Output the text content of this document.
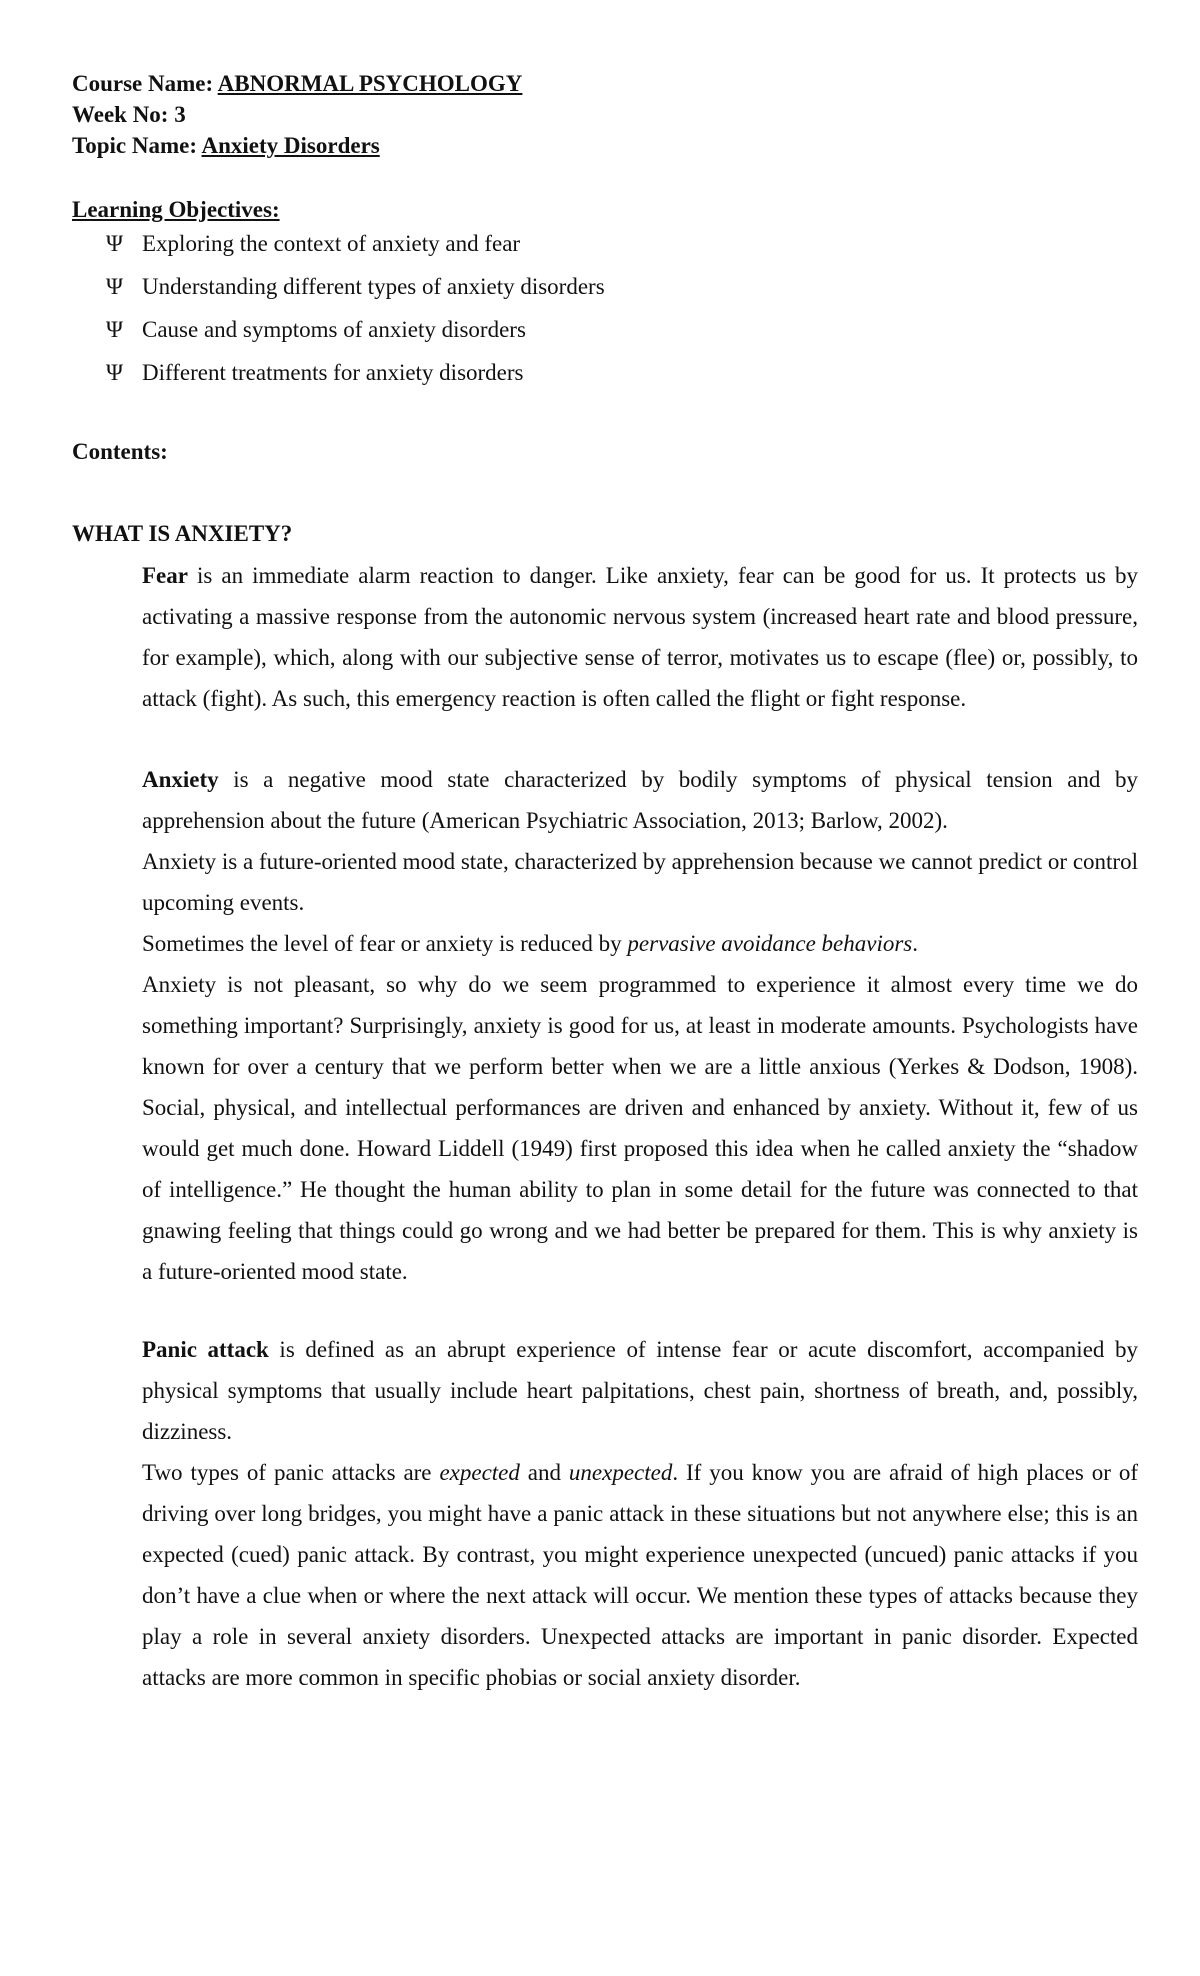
Course Name: ABNORMAL PSYCHOLOGY
Week No: 3
Topic Name: Anxiety Disorders
Learning Objectives:
Ψ Exploring the context of anxiety and fear
Ψ Understanding different types of anxiety disorders
Ψ Cause and symptoms of anxiety disorders
Ψ Different treatments for anxiety disorders
Contents:
WHAT IS ANXIETY?

Fear is an immediate alarm reaction to danger. Like anxiety, fear can be good for us. It protects us by activating a massive response from the autonomic nervous system (increased heart rate and blood pressure, for example), which, along with our subjective sense of terror, motivates us to escape (flee) or, possibly, to attack (fight). As such, this emergency reaction is often called the flight or fight response.

Anxiety is a negative mood state characterized by bodily symptoms of physical tension and by apprehension about the future (American Psychiatric Association, 2013; Barlow, 2002).

Anxiety is a future-oriented mood state, characterized by apprehension because we cannot predict or control upcoming events.

Sometimes the level of fear or anxiety is reduced by pervasive avoidance behaviors.

Anxiety is not pleasant, so why do we seem programmed to experience it almost every time we do something important? Surprisingly, anxiety is good for us, at least in moderate amounts. Psychologists have known for over a century that we perform better when we are a little anxious (Yerkes & Dodson, 1908). Social, physical, and intellectual performances are driven and enhanced by anxiety. Without it, few of us would get much done. Howard Liddell (1949) first proposed this idea when he called anxiety the “shadow of intelligence.” He thought the human ability to plan in some detail for the future was connected to that gnawing feeling that things could go wrong and we had better be prepared for them. This is why anxiety is a future-oriented mood state.

Panic attack is defined as an abrupt experience of intense fear or acute discomfort, accompanied by physical symptoms that usually include heart palpitations, chest pain, shortness of breath, and, possibly, dizziness.

Two types of panic attacks are expected and unexpected. If you know you are afraid of high places or of driving over long bridges, you might have a panic attack in these situations but not anywhere else; this is an expected (cued) panic attack. By contrast, you might experience unexpected (uncued) panic attacks if you don’t have a clue when or where the next attack will occur. We mention these types of attacks because they play a role in several anxiety disorders. Unexpected attacks are important in panic disorder. Expected attacks are more common in specific phobias or social anxiety disorder.
